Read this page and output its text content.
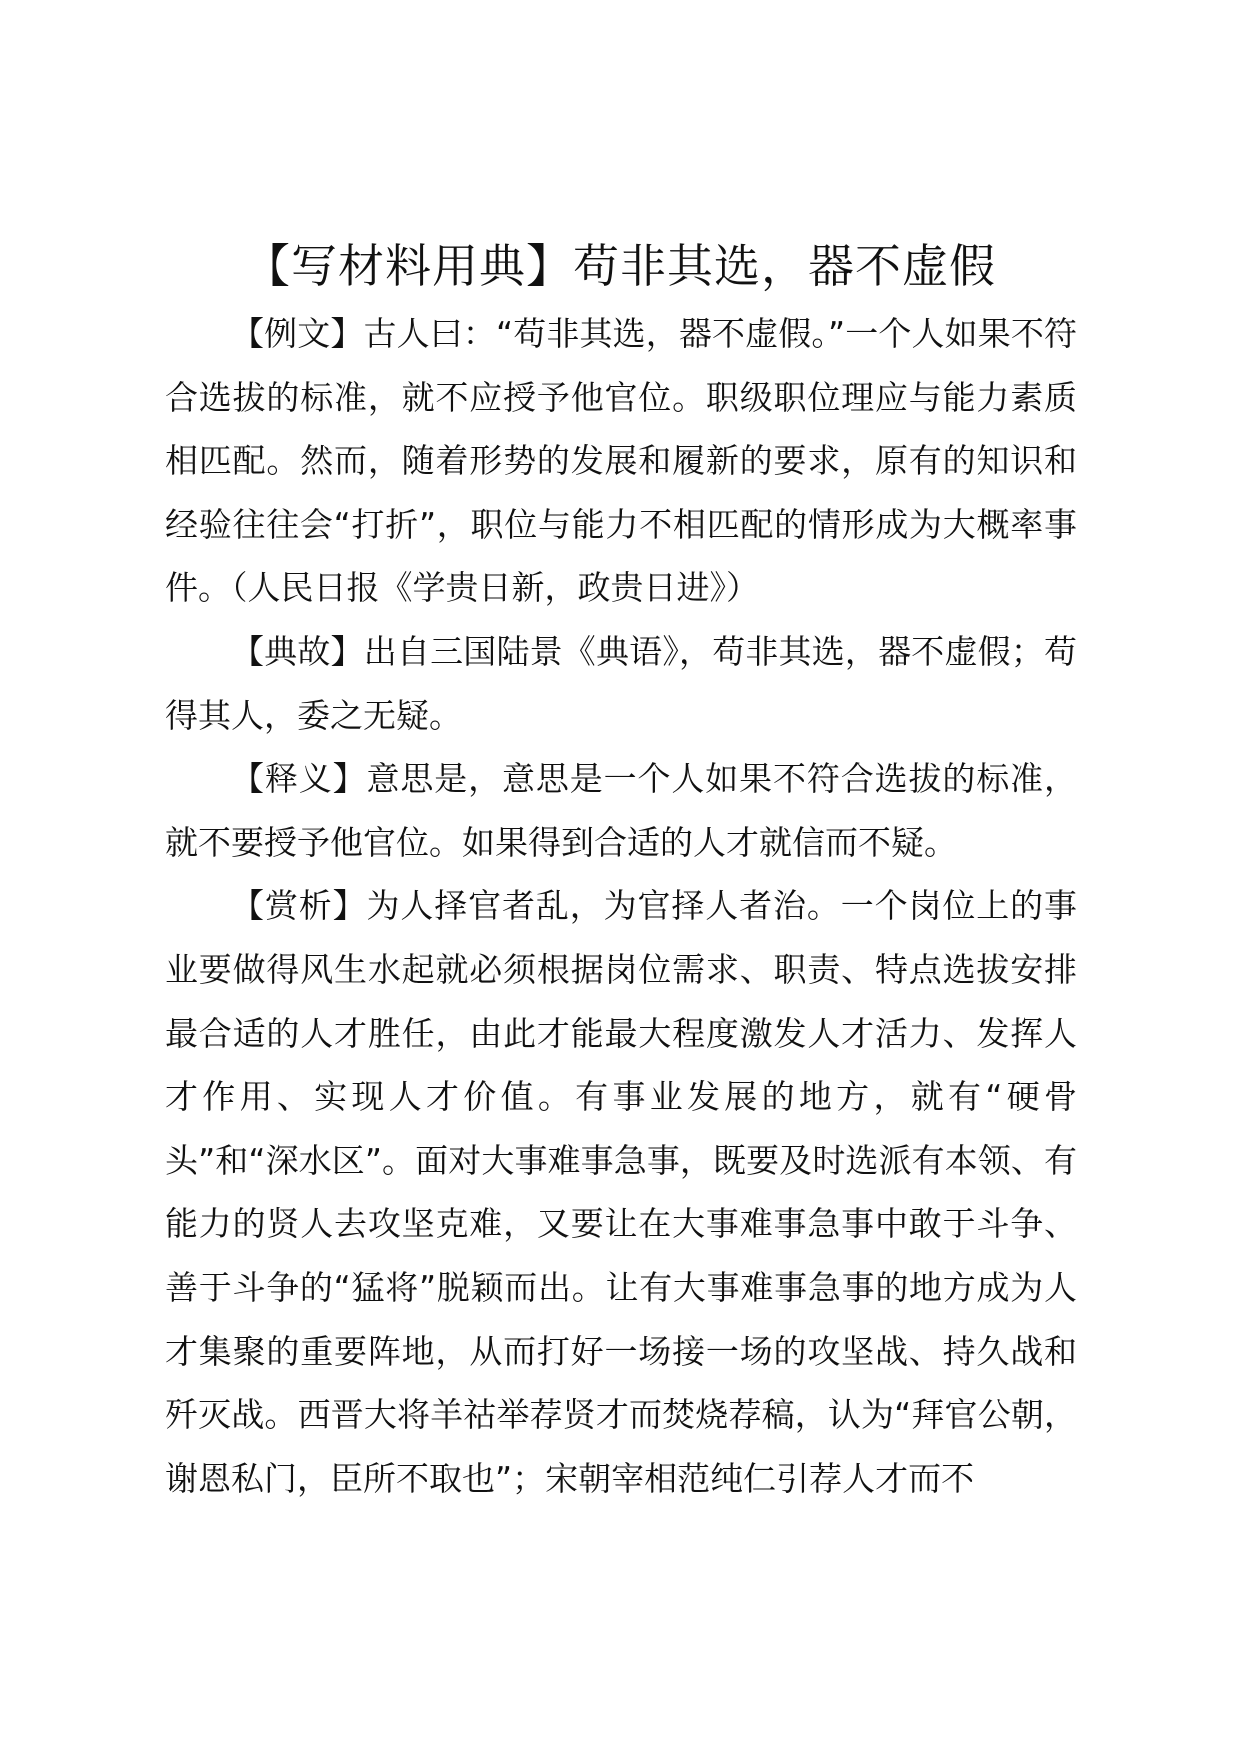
【写材料用典】苟非其选，器不虚假

【例文】古人曰：“苟非其选，器不虚假。”一个人如果不符合选拔的标准，就不应授予他官位。职级职位理应与能力素质相匹配。然而，随着形势的发展和履新的要求，原有的知识和经验往往会“打折”，职位与能力不相匹配的情形成为大概率事件。（人民日报《学贵日新，政贵日进》）

【典故】出自三国陆景《典语》，苟非其选，器不虚假；苟得其人，委之无疑。

【释义】意思是，意思是一个人如果不符合选拔的标准，就不要授予他官位。如果得到合适的人才就信而不疑。

【赏析】为人择官者乱，为官择人者治。一个岗位上的事业要做得风生水起就必须根据岗位需求、职责、特点选拔安排最合适的人才胜任，由此才能最大程度激发人才活力、发挥人才作用、实现人才价值。有事业发展的地方，就有“硬骨头”和“深水区”。面对大事难事急事，既要及时选派有本领、有能力的贤人去攻坚克难，又要让在大事难事急事中敢于斗争、善于斗争的“猛将”脱颖而出。让有大事难事急事的地方成为人才集聚的重要阵地，从而打好一场接一场的攻坚战、持久战和歼灭战。西晋大将羊祜举荐贤才而焚烧荐稿，认为“拜官公朝，谢恩私门，臣所不取也”；宋朝宰相范纯仁引荐人才而不
